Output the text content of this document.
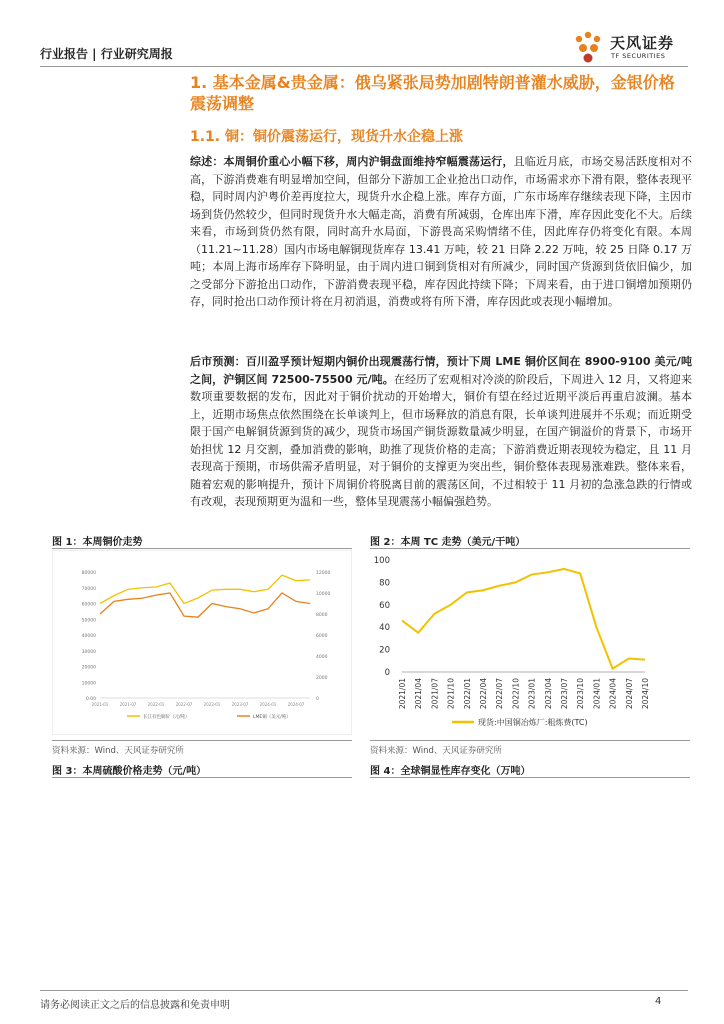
行业报告 | 行业研究周报
天风证券
TF SECURITIES
1. 基本金属&贵金属：俄乌紧张局势加剧特朗普灌水威胁，金银价格震荡调整
1.1. 铜：铜价震荡运行，现货升水企稳上涨
综述：本周铜价重心小幅下移，周内沪铜盘面维持窄幅震荡运行，且临近月底，市场交易活跃度相对不高，下游消费难有明显增加空间，但部分下游加工企业抢出口动作，市场需求亦下滑有限，整体表现平稳，同时周内沪粤价差再度拉大，现货升水企稳上涨。库存方面，广东市场库存继续表现下降，主因市场到货仍然较少，但同时现货升水大幅走高，消费有所减弱，仓库出库下滑，库存因此变化不大。后续来看，市场到货仍然有限，同时高升水局面，下游畏高采购情绪不佳，因此库存仍将变化有限。本周（11.21~11.28）国内市场电解铜现货库存 13.41 万吨，较 21 日降 2.22 万吨，较 25 日降 0.17 万吨；本周上海市场库存下降明显，由于周内进口铜到货相对有所减少，同时国产货源到货依旧偏少，加之受部分下游抢出口动作，下游消费表现平稳，库存因此持续下降；下周来看，由于进口铜增加预期仍存，同时抢出口动作预计将在月初消退，消费或将有所下滑，库存因此或表现小幅增加。
后市预测：百川盈孚预计短期内铜价出现震荡行情，预计下周 LME 铜价区间在 8900-9100 美元/吨之间，沪铜区间 72500-75500 元/吨。在经历了宏观相对冷淡的阶段后，下周进入 12 月，又将迎来数项重要数据的发布，因此对于铜价扰动的开始增大，铜价有望在经过近期平淡后再重启波澜。基本上，近期市场焦点依然围绕在长单谈判上，但市场释放的消息有限，长单谈判进展并不乐观；而近期受限于国产电解铜货源到货的减少，现货市场国产铜货源数量减少明显，在国产铜溢价的背景下，市场开始担忧 12 月交割，叠加消费的影响，助推了现货价格的走高；下游消费近期表现较为稳定，且 11 月表现高于预期，市场供需矛盾明显，对于铜价的支撑更为突出些，铜价整体表现易涨难跌。整体来看，随着宏观的影响提升，预计下周铜价将脱离目前的震荡区间，不过相较于 11 月初的急涨急跌的行情或有改观，表现预期更为温和一些，整体呈现震荡小幅偏强趋势。
图 1：本周铜价走势	图 2：本周 TC 走势（美元/干吨）
0.00
10000
20000
30000
40000
50000
60000
70000
80000
0
2000
4000
6000
8000
10000
12000
2021-01	2021-07	2022-01	2022-07	2023-01	2023-07	2024-01	2024-07
长江有色铜价（元/吨）	LME铜（美元/吨）
0
20
40
60
80
100
2021/01 2021/04 2021/07 2021/10 2022/01 2022/04 2022/07 2022/10 2023/01 2023/04 2023/07 2023/10 2024/01 2024/04 2024/07 2024/10
现货:中国铜冶炼厂:粗炼费(TC)
资料来源：Wind、天风证券研究所	资料来源：Wind、天风证券研究所
图 3：本周硫酸价格走势（元/吨）	图 4：全球铜显性库存变化（万吨）
请务必阅读正文之后的信息披露和免责申明	4
